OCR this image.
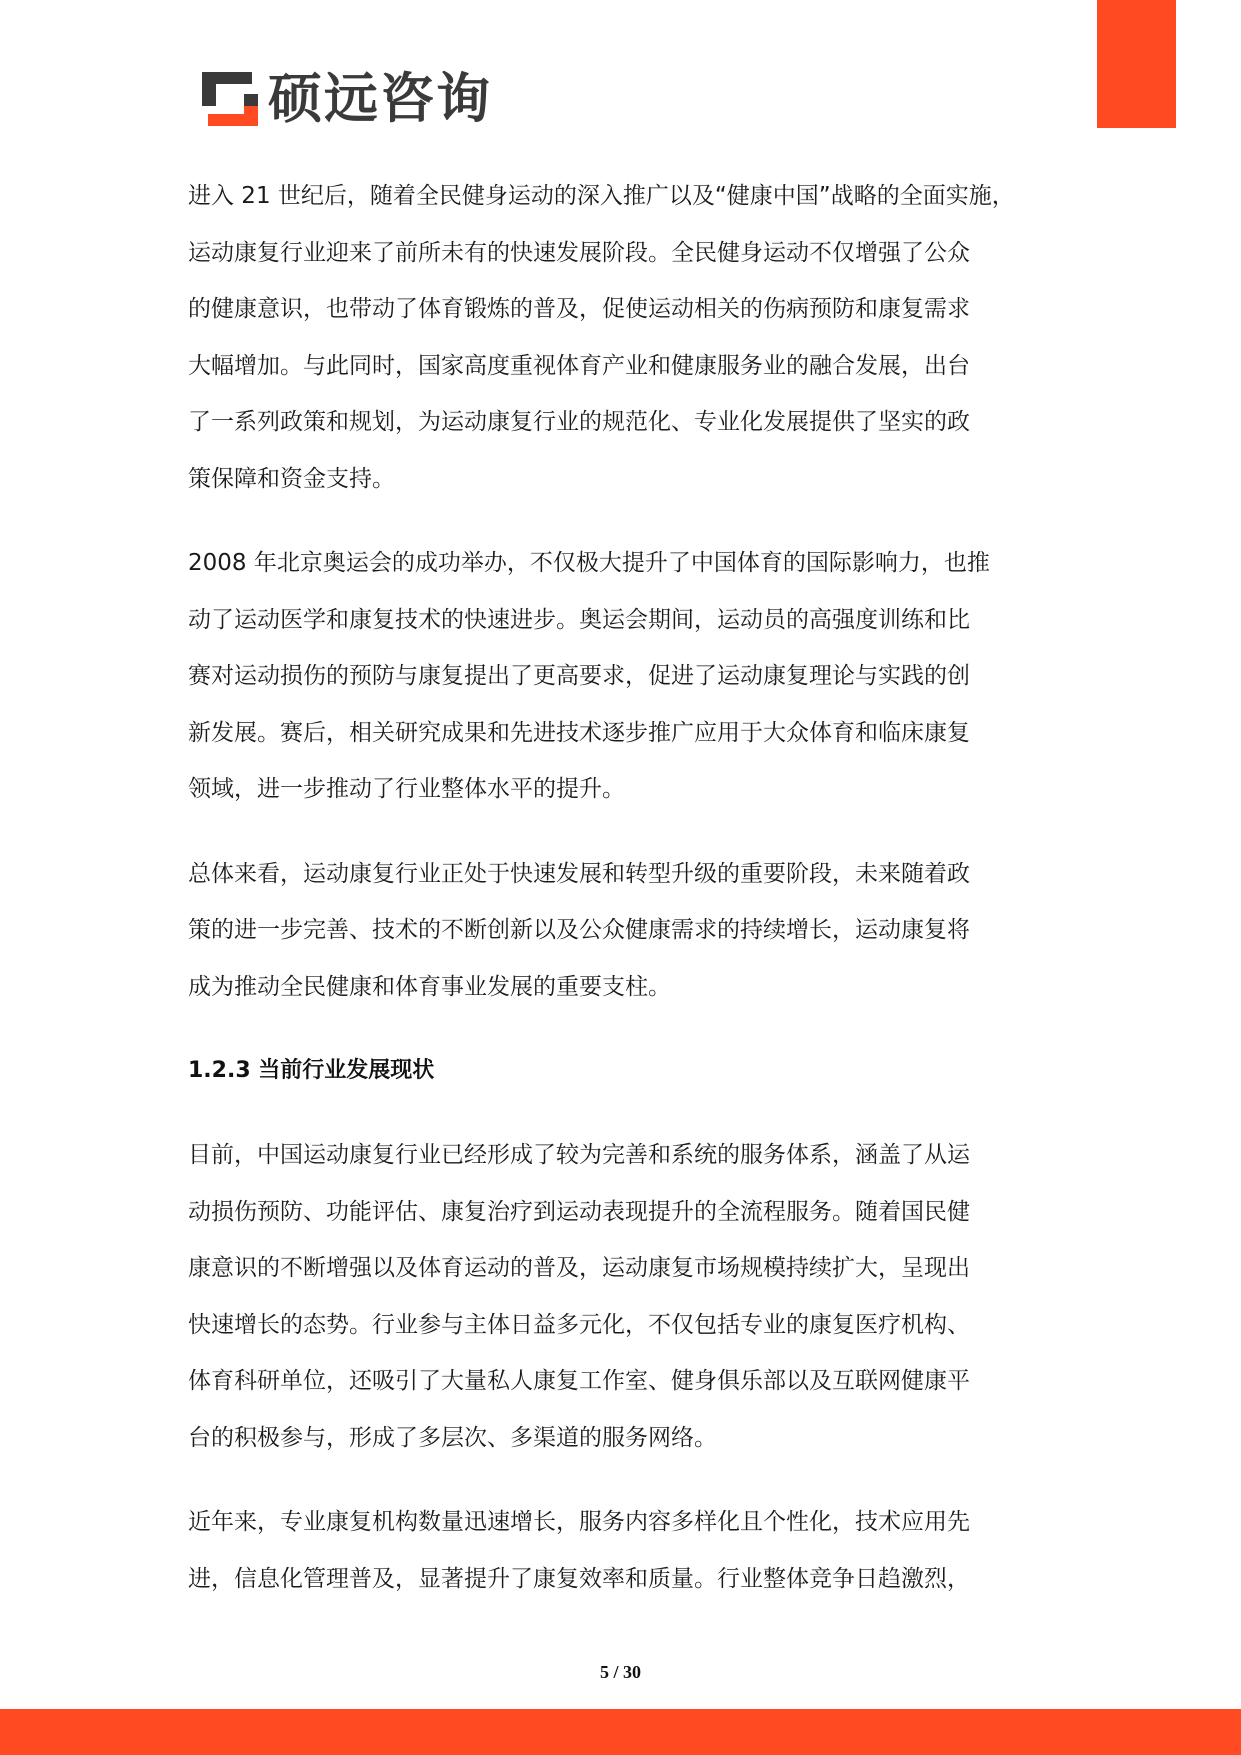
硕远咨询

进入 21 世纪后，随着全民健身运动的深入推广以及“健康中国”战略的全面实施，
运动康复行业迎来了前所未有的快速发展阶段。全民健身运动不仅增强了公众
的健康意识，也带动了体育锻炼的普及，促使运动相关的伤病预防和康复需求
大幅增加。与此同时，国家高度重视体育产业和健康服务业的融合发展，出台
了一系列政策和规划，为运动康复行业的规范化、专业化发展提供了坚实的政
策保障和资金支持。

2008 年北京奥运会的成功举办，不仅极大提升了中国体育的国际影响力，也推
动了运动医学和康复技术的快速进步。奥运会期间，运动员的高强度训练和比
赛对运动损伤的预防与康复提出了更高要求，促进了运动康复理论与实践的创
新发展。赛后，相关研究成果和先进技术逐步推广应用于大众体育和临床康复
领域，进一步推动了行业整体水平的提升。

总体来看，运动康复行业正处于快速发展和转型升级的重要阶段，未来随着政
策的进一步完善、技术的不断创新以及公众健康需求的持续增长，运动康复将
成为推动全民健康和体育事业发展的重要支柱。

1.2.3 当前行业发展现状

目前，中国运动康复行业已经形成了较为完善和系统的服务体系，涵盖了从运
动损伤预防、功能评估、康复治疗到运动表现提升的全流程服务。随着国民健
康意识的不断增强以及体育运动的普及，运动康复市场规模持续扩大，呈现出
快速增长的态势。行业参与主体日益多元化，不仅包括专业的康复医疗机构、
体育科研单位，还吸引了大量私人康复工作室、健身俱乐部以及互联网健康平
台的积极参与，形成了多层次、多渠道的服务网络。

近年来，专业康复机构数量迅速增长，服务内容多样化且个性化，技术应用先
进，信息化管理普及，显著提升了康复效率和质量。行业整体竞争日趋激烈，

5 / 30
